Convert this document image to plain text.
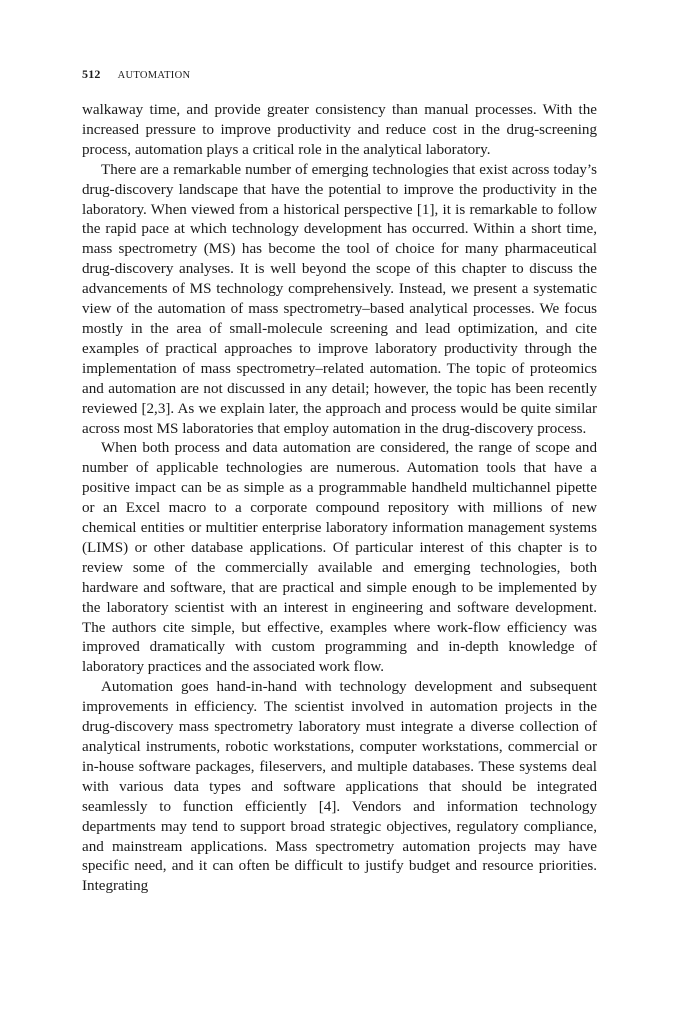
512 AUTOMATION

walkaway time, and provide greater consistency than manual processes. With the increased pressure to improve productivity and reduce cost in the drug-screening process, automation plays a critical role in the analytical laboratory.

There are a remarkable number of emerging technologies that exist across today’s drug-discovery landscape that have the potential to improve the productivity in the laboratory. When viewed from a historical perspective [1], it is remarkable to follow the rapid pace at which technology development has occurred. Within a short time, mass spectrometry (MS) has become the tool of choice for many pharmaceutical drug-discovery analyses. It is well beyond the scope of this chapter to discuss the advancements of MS technology comprehensively. Instead, we present a systematic view of the automation of mass spectrometry–based analytical processes. We focus mostly in the area of small-molecule screening and lead optimization, and cite examples of practical approaches to improve laboratory productivity through the implementation of mass spectrometry–related automation. The topic of proteomics and automation are not discussed in any detail; however, the topic has been recently reviewed [2,3]. As we explain later, the approach and process would be quite similar across most MS laboratories that employ automation in the drug-discovery process.

When both process and data automation are considered, the range of scope and number of applicable technologies are numerous. Automation tools that have a positive impact can be as simple as a programmable handheld multichannel pipette or an Excel macro to a corporate compound repository with millions of new chemical entities or multitier enterprise laboratory information management systems (LIMS) or other database applications. Of particular interest of this chapter is to review some of the commercially available and emerging technologies, both hardware and software, that are practical and simple enough to be implemented by the laboratory scientist with an interest in engineering and software development. The authors cite simple, but effective, examples where work-flow efficiency was improved dramatically with custom programming and in-depth knowledge of laboratory practices and the associated work flow.

Automation goes hand-in-hand with technology development and subsequent improvements in efficiency. The scientist involved in automation projects in the drug-discovery mass spectrometry laboratory must integrate a diverse collection of analytical instruments, robotic workstations, computer workstations, commercial or in-house software packages, fileservers, and multiple databases. These systems deal with various data types and software applications that should be integrated seamlessly to function efficiently [4]. Vendors and information technology departments may tend to support broad strategic objectives, regulatory compliance, and mainstream applications. Mass spectrometry automation projects may have specific need, and it can often be difficult to justify budget and resource priorities. Integrating
